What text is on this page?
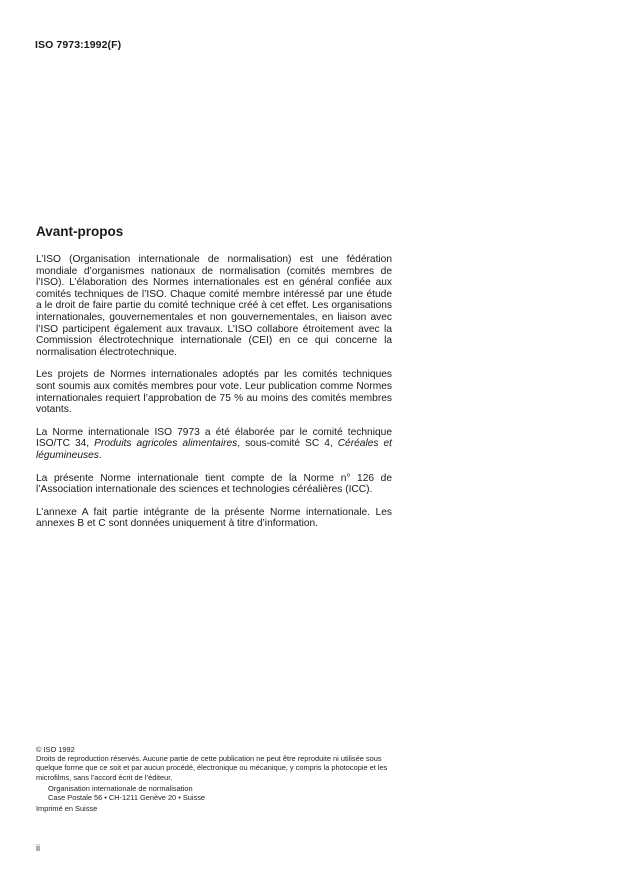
ISO 7973:1992(F)
Avant-propos

L’ISO (Organisation internationale de normalisation) est une fédération mondiale d’organismes nationaux de normalisation (comités membres de l’ISO). L’élaboration des Normes internationales est en général confiée aux comités techniques de l’ISO. Chaque comité membre intéressé par une étude a le droit de faire partie du comité technique créé à cet effet. Les organisations internationales, gouvernementales et non gouvernementales, en liaison avec l’ISO participent également aux travaux. L’ISO collabore étroitement avec la Commission électrotechnique internationale (CEI) en ce qui concerne la normalisation électrotechnique.

Les projets de Normes internationales adoptés par les comités techniques sont soumis aux comités membres pour vote. Leur publication comme Normes internationales requiert l’approbation de 75 % au moins des comités membres votants.

La Norme internationale ISO 7973 a été élaborée par le comité technique ISO/TC 34, Produits agricoles alimentaires, sous-comité SC 4, Céréales et légumineuses.

La présente Norme internationale tient compte de la Norme n° 126 de l’Association internationale des sciences et technologies céréalières (ICC).

L’annexe A fait partie intégrante de la présente Norme internationale. Les annexes B et C sont données uniquement à titre d’information.

© ISO 1992
Droits de reproduction réservés. Aucune partie de cette publication ne peut être reproduite ni utilisée sous quelque forme que ce soit et par aucun procédé, électronique ou mécanique, y compris la photocopie et les microfilms, sans l’accord écrit de l’éditeur.
Organisation internationale de normalisation
Case Postale 56 • CH-1211 Genève 20 • Suisse
Imprimé en Suisse
ii
